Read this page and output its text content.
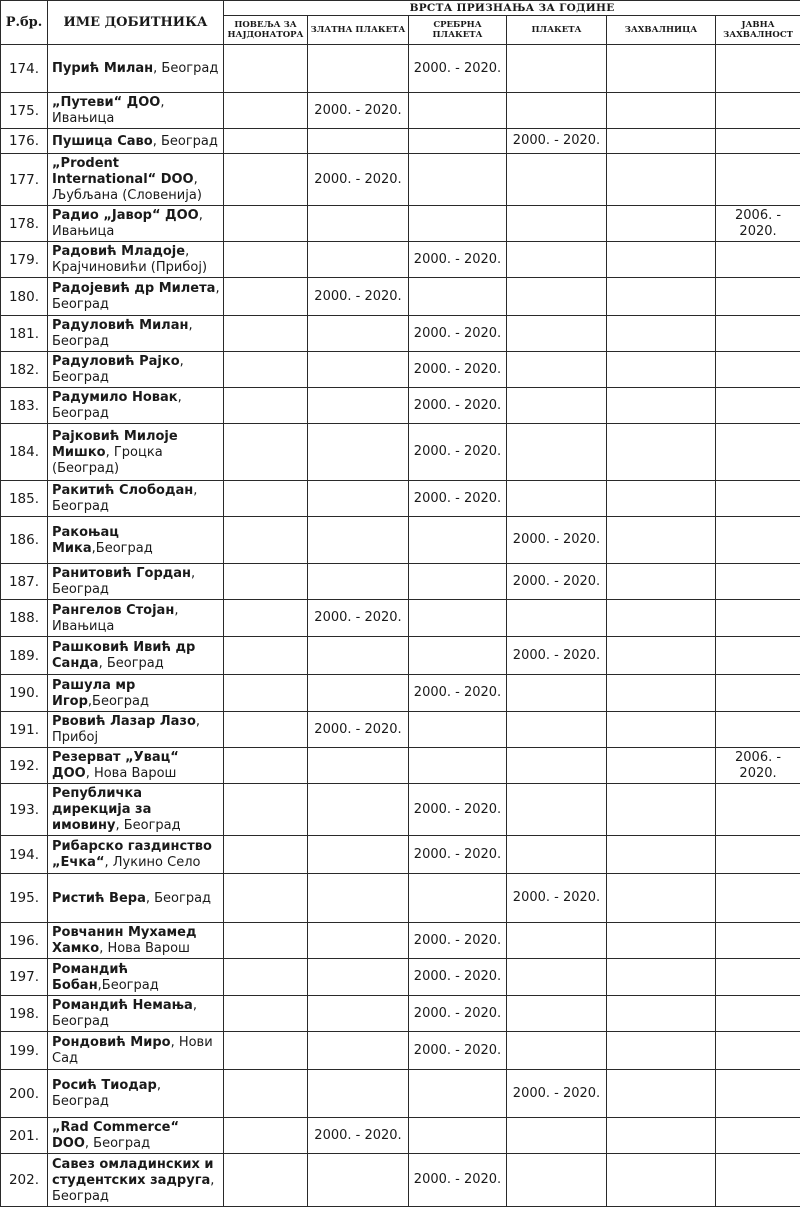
Р.бр.	ИМЕ ДОБИТНИКА	ВРСТА ПРИЗНАЊА ЗА ГОДИНЕ					
		ПОВЕЉА ЗА НАЈДОНАТОРА	ЗЛАТНА ПЛАКЕТА	СРЕБРНА ПЛАКЕТА	ПЛАКЕТА	ЗАХВАЛНИЦА	ЈАВНА ЗАХВАЛНОСТ
174.	Пурић Милан, Београд			2000. - 2020.			
175.	„Путеви“ ДОО, Ивањица		2000. - 2020.				
176.	Пушица Саво, Београд				2000. - 2020.		
177.	„Prodent International“ DOO, Љубљана (Словенија)		2000. - 2020.				
178.	Радио „Јавор“ ДОО, Ивањица						2006. - 2020.
179.	Радовић Младоје, Крајчиновићи (Прибој)			2000. - 2020.			
180.	Радојевић др Милета, Београд		2000. - 2020.				
181.	Радуловић Милан, Београд			2000. - 2020.			
182.	Радуловић Рајко, Београд			2000. - 2020.			
183.	Радумило Новак, Београд			2000. - 2020.			
184.	Рајковић Милоје Мишко, Гроцка (Београд)			2000. - 2020.			
185.	Ракитић Слободан, Београд			2000. - 2020.			
186.	Ракоњац Мика,Београд				2000. - 2020.		
187.	Ранитовић Гордан, Београд				2000. - 2020.		
188.	Рангелов Стојан, Ивањица		2000. - 2020.				
189.	Рашковић Ивић др Санда, Београд				2000. - 2020.		
190.	Рашула мр Игор,Београд			2000. - 2020.			
191.	Рвовић Лазар Лазо, Прибој		2000. - 2020.				
192.	Резерват „Увац“ ДОО, Нова Варош						2006. - 2020.
193.	Републичка дирекција за имовину, Београд			2000. - 2020.			
194.	Рибарско газдинство „Ечка“, Лукино Село			2000. - 2020.			
195.	Ристић Вера, Београд				2000. - 2020.		
196.	Ровчанин Мухамед Хамко, Нова Варош			2000. - 2020.			
197.	Романдић Бобан,Београд			2000. - 2020.			
198.	Романдић Немања, Београд			2000. - 2020.			
199.	Рондовић Миро, Нови Сад			2000. - 2020.			
200.	Росић Тиодар, Београд				2000. - 2020.		
201.	„Rad Commerce“ DOO, Београд		2000. - 2020.				
202.	Савез омладинских и студентских задруга, Београд			2000. - 2020.			
